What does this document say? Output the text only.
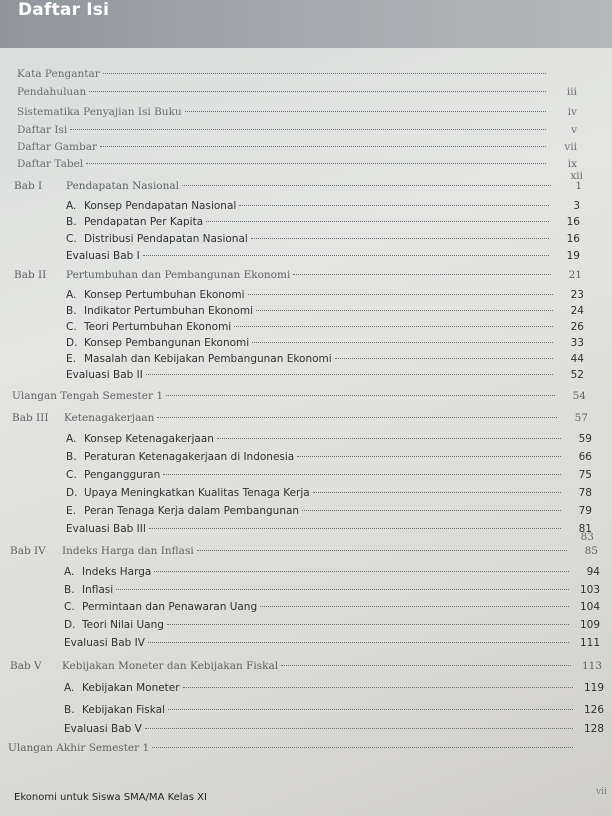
Daftar Isi
Kata Pengantar
Pendahuluan	iii
Sistematika Penyajian Isi Buku	iv
Daftar Isi	v
Daftar Gambar	vii
Daftar Tabel	ix
xii
Bab I	Pendapatan Nasional	1
A. Konsep Pendapatan Nasional	3
B. Pendapatan Per Kapita	16
C. Distribusi Pendapatan Nasional	16
Evaluasi Bab I	19
Bab II	Pertumbuhan dan Pembangunan Ekonomi	21
A. Konsep Pertumbuhan Ekonomi	23
B. Indikator Pertumbuhan Ekonomi	24
C. Teori Pertumbuhan Ekonomi	26
D. Konsep Pembangunan Ekonomi	33
E. Masalah dan Kebijakan Pembangunan Ekonomi	44
Evaluasi Bab II	52
Ulangan Tengah Semester 1	54
Bab III	Ketenagakerjaan	57
A. Konsep Ketenagakerjaan	59
B. Peraturan Ketenagakerjaan di Indonesia	66
C. Pengangguran	75
D. Upaya Meningkatkan Kualitas Tenaga Kerja	78
E. Peran Tenaga Kerja dalam Pembangunan	79
Evaluasi Bab III	81
83
Bab IV	Indeks Harga dan Inflasi	85
A. Indeks Harga	94
B. Inflasi	103
C. Permintaan dan Penawaran Uang	104
D. Teori Nilai Uang	109
Evaluasi Bab IV	111
Bab V	Kebijakan Moneter dan Kebijakan Fiskal	113
A. Kebijakan Moneter	119
B. Kebijakan Fiskal	126
Evaluasi Bab V	128
Ulangan Akhir Semester 1
vii

Ekonomi untuk Siswa SMA/MA Kelas XI
